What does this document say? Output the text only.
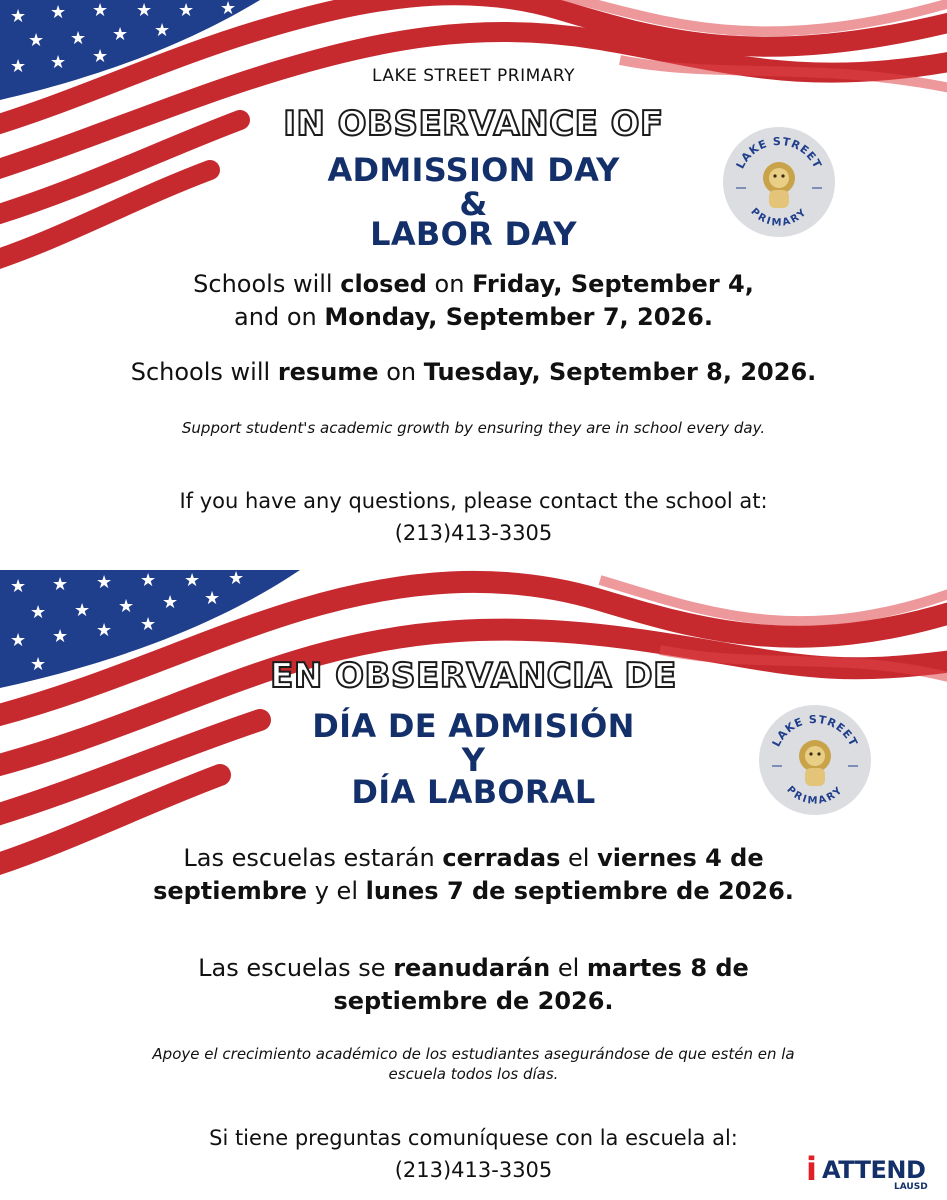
★ ★ ★ ★ ★ ★
★ ★ ★ ★
★ ★ ★
LAKE STREET PRIMARY
IN OBSERVANCE OF
ADMISSION DAY
&
LABOR DAY
LAKE STREET
PRIMARY
Schools will closed on Friday, September 4,
and on Monday, September 7, 2026.
Schools will resume on Tuesday, September 8, 2026.
Support student's academic growth by ensuring they are in school every day.
If you have any questions, please contact the school at:
(213)413-3305
★ ★ ★ ★ ★ ★
★ ★ ★ ★ ★
★ ★ ★ ★
★	EN OBSERVANCIA DE
DÍA DE ADMISIÓN
Y
DÍA LABORAL
LAKE STREET
PRIMARY
Las escuelas estarán cerradas el viernes 4 de
septiembre y el lunes 7 de septiembre de 2026.
Las escuelas se reanudarán el martes 8 de
septiembre de 2026.
Apoye el crecimiento académico de los estudiantes asegurándose de que estén en la
escuela todos los días.
Si tiene preguntas comuníquese con la escuela al:
(213)413-3305	i ATTEND
LAUSD
